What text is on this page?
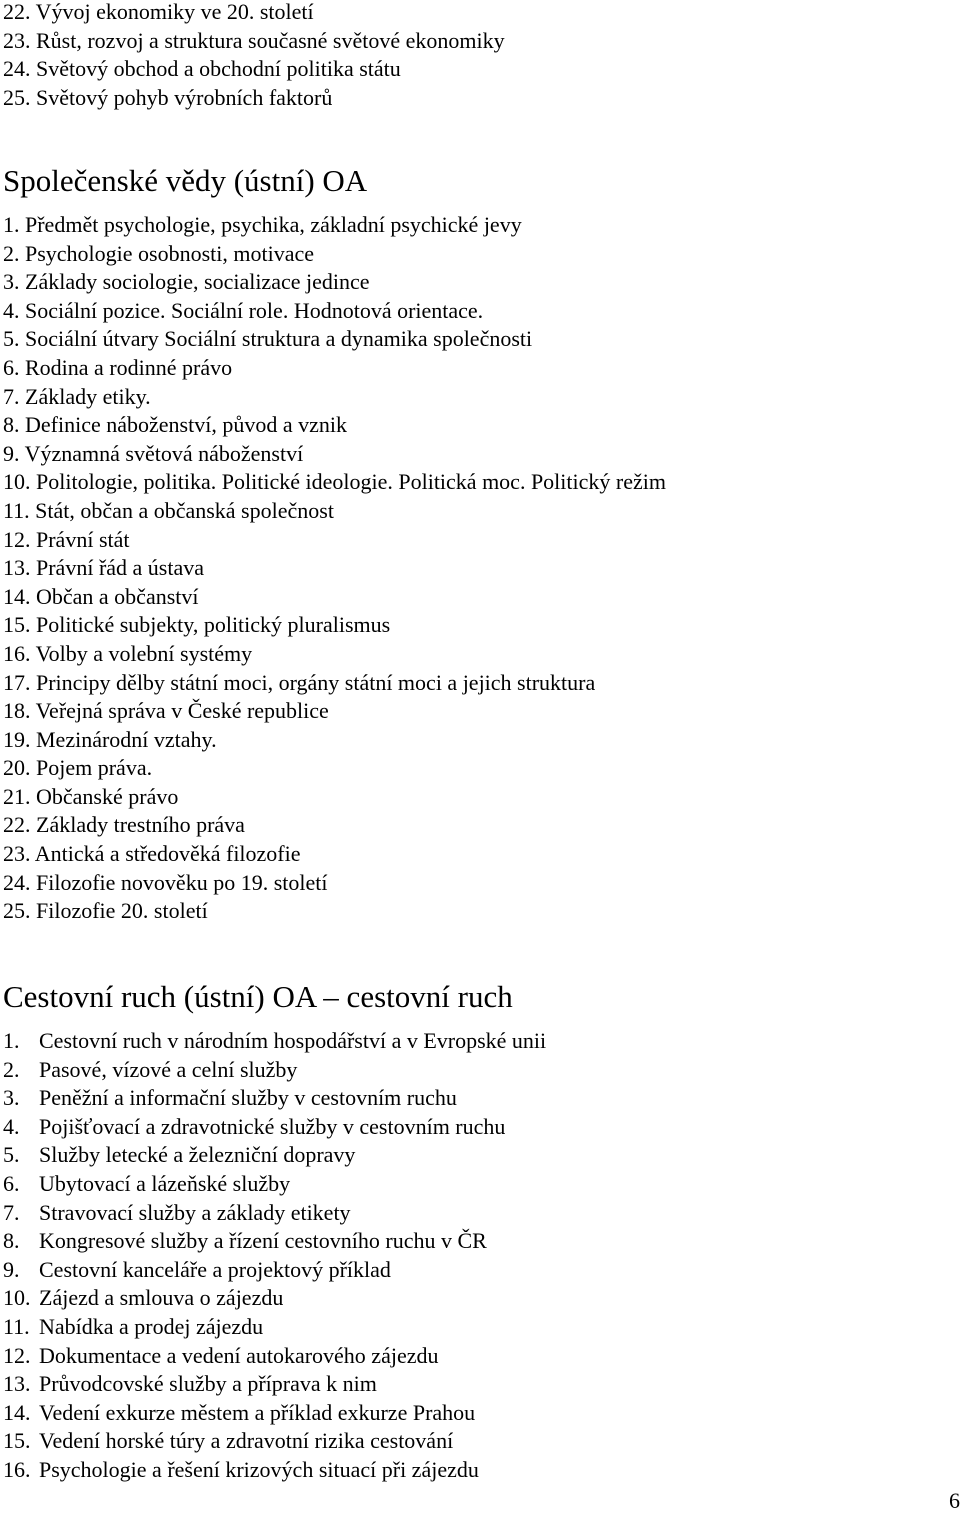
22. Vývoj ekonomiky ve 20. století
23. Růst, rozvoj a struktura současné světové ekonomiky
24. Světový obchod a obchodní politika státu
25. Světový pohyb výrobních faktorů
Společenské vědy (ústní) OA
1. Předmět psychologie, psychika, základní psychické jevy
2. Psychologie osobnosti, motivace
3. Základy sociologie, socializace jedince
4. Sociální pozice. Sociální role. Hodnotová orientace.
5. Sociální útvary Sociální struktura a dynamika společnosti
6. Rodina a rodinné právo
7. Základy etiky.
8. Definice náboženství, původ a vznik
9. Významná světová náboženství
10. Politologie, politika. Politické ideologie. Politická moc. Politický režim
11. Stát, občan a občanská společnost
12. Právní stát
13. Právní řád a ústava
14. Občan a občanství
15. Politické subjekty, politický pluralismus
16. Volby a volební systémy
17. Principy dělby státní moci, orgány státní moci a jejich struktura
18. Veřejná správa v České republice
19. Mezinárodní vztahy.
20. Pojem práva.
21. Občanské právo
22. Základy trestního práva
23. Antická a středověká filozofie
24. Filozofie novověku po 19. století
25. Filozofie 20. století
Cestovní ruch (ústní) OA – cestovní ruch
1. Cestovní ruch v národním hospodářství a v Evropské unii
2. Pasové, vízové a celní služby
3. Peněžní a informační služby v cestovním ruchu
4. Pojišťovací a zdravotnické služby v cestovním ruchu
5. Služby letecké a železniční dopravy
6. Ubytovací a lázeňské služby
7. Stravovací služby a základy etikety
8. Kongresové služby a řízení cestovního ruchu v ČR
9. Cestovní kanceláře a projektový příklad
10. Zájezd a smlouva o zájezdu
11. Nabídka a prodej zájezdu
12. Dokumentace a vedení autokarového zájezdu
13. Průvodcovské služby a příprava k nim
14. Vedení exkurze městem a příklad exkurze Prahou
15. Vedení horské túry a zdravotní rizika cestování
16. Psychologie a řešení krizových situací při zájezdu
6
